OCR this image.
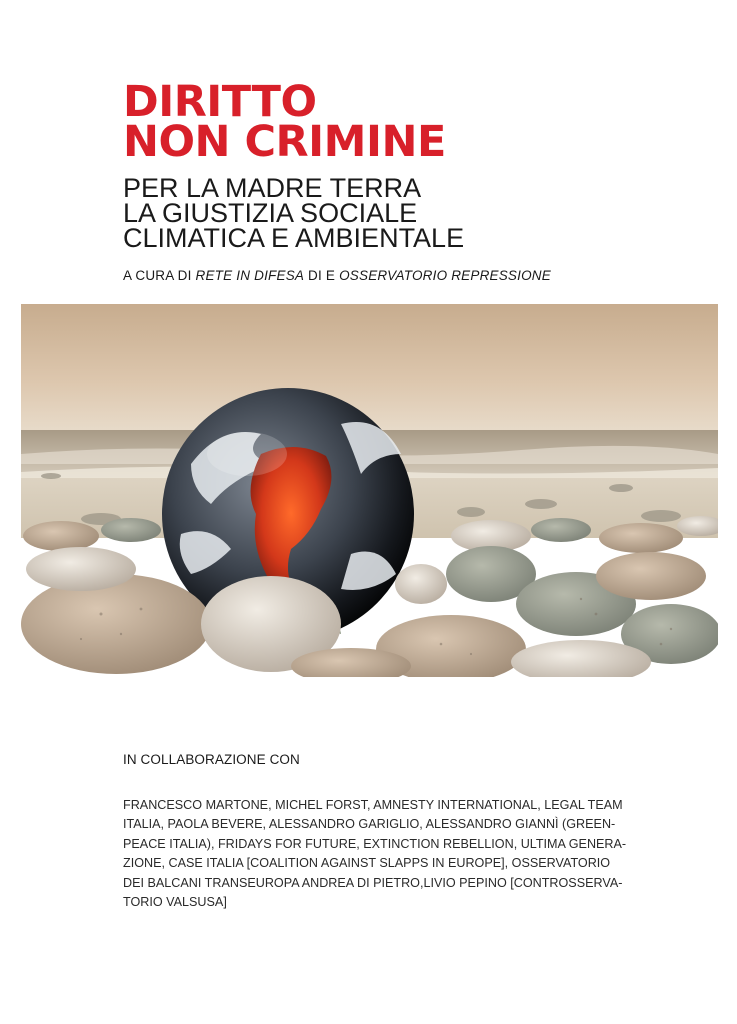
DIRITTO
NON CRIMINE
PER LA MADRE TERRA
LA GIUSTIZIA SOCIALE
CLIMATICA E AMBIENTALE
A CURA DI RETE IN DIFESA DI E OSSERVATORIO REPRESSIONE
IN COLLABORAZIONE CON

FRANCESCO MARTONE, MICHEL FORST, AMNESTY INTERNATIONAL, LEGAL TEAM
ITALIA, PAOLA BEVERE, ALESSANDRO GARIGLIO, ALESSANDRO GIANNÌ (GREEN-
PEACE ITALIA), FRIDAYS FOR FUTURE, EXTINCTION REBELLION, ULTIMA GENERA-
ZIONE, CASE ITALIA [COALITION AGAINST SLAPPS IN EUROPE], OSSERVATORIO
DEI BALCANI TRANSEUROPA ANDREA DI PIETRO,LIVIO PEPINO [CONTROSSERVA-
TORIO VALSUSA]
